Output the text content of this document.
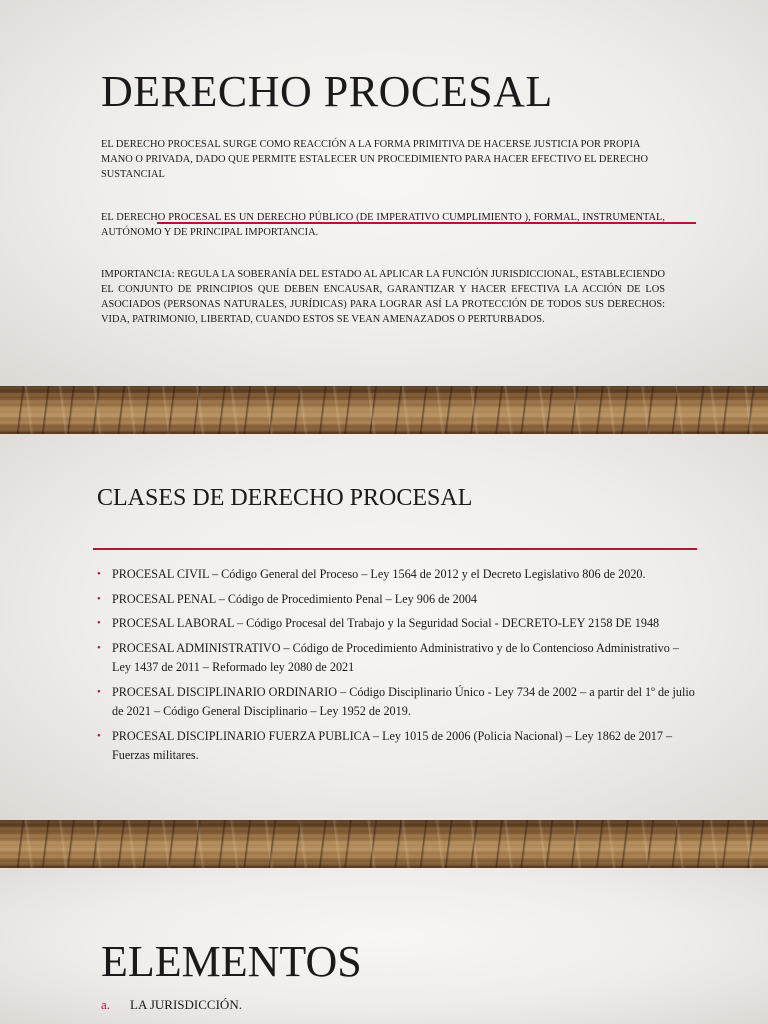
DERECHO PROCESAL
EL DERECHO PROCESAL SURGE COMO REACCIÓN A LA FORMA PRIMITIVA DE HACERSE JUSTICIA POR PROPIA MANO O PRIVADA, DADO QUE PERMITE ESTALECER UN PROCEDIMIENTO PARA HACER EFECTIVO EL DERECHO SUSTANCIAL
EL DERECHO PROCESAL ES UN DERECHO PÚBLICO (DE IMPERATIVO CUMPLIMIENTO ), FORMAL, INSTRUMENTAL, AUTÓNOMO Y DE PRINCIPAL IMPORTANCIA.
IMPORTANCIA: REGULA LA SOBERANÍA DEL ESTADO AL APLICAR LA FUNCIÓN JURISDICCIONAL, ESTABLECIENDO EL CONJUNTO DE PRINCIPIOS QUE DEBEN ENCAUSAR, GARANTIZAR Y HACER EFECTIVA LA ACCIÓN DE LOS ASOCIADOS (PERSONAS NATURALES, JURÍDICAS) PARA LOGRAR ASÍ LA PROTECCIÓN DE TODOS SUS DERECHOS: VIDA, PATRIMONIO, LIBERTAD, CUANDO ESTOS SE VEAN AMENAZADOS O PERTURBADOS.
CLASES DE DERECHO PROCESAL
• PROCESAL CIVIL – Código General del Proceso – Ley 1564 de 2012 y el Decreto Legislativo 806 de 2020.
• PROCESAL PENAL – Código de Procedimiento Penal – Ley 906 de 2004
• PROCESAL LABORAL – Código Procesal del Trabajo y la Seguridad Social - DECRETO-LEY 2158 DE 1948
• PROCESAL ADMINISTRATIVO – Código de Procedimiento Administrativo y de lo Contencioso Administrativo – Ley 1437 de 2011 – Reformado ley 2080 de 2021
• PROCESAL DISCIPLINARIO ORDINARIO – Código Disciplinario Único - Ley 734 de 2002 – a partir del 1º de julio de 2021 – Código General Disciplinario – Ley 1952 de 2019.
• PROCESAL DISCIPLINARIO FUERZA PUBLICA – Ley 1015 de 2006 (Policia Nacional) – Ley 1862 de 2017 – Fuerzas militares.
ELEMENTOS
a. LA JURISDICCIÓN.
